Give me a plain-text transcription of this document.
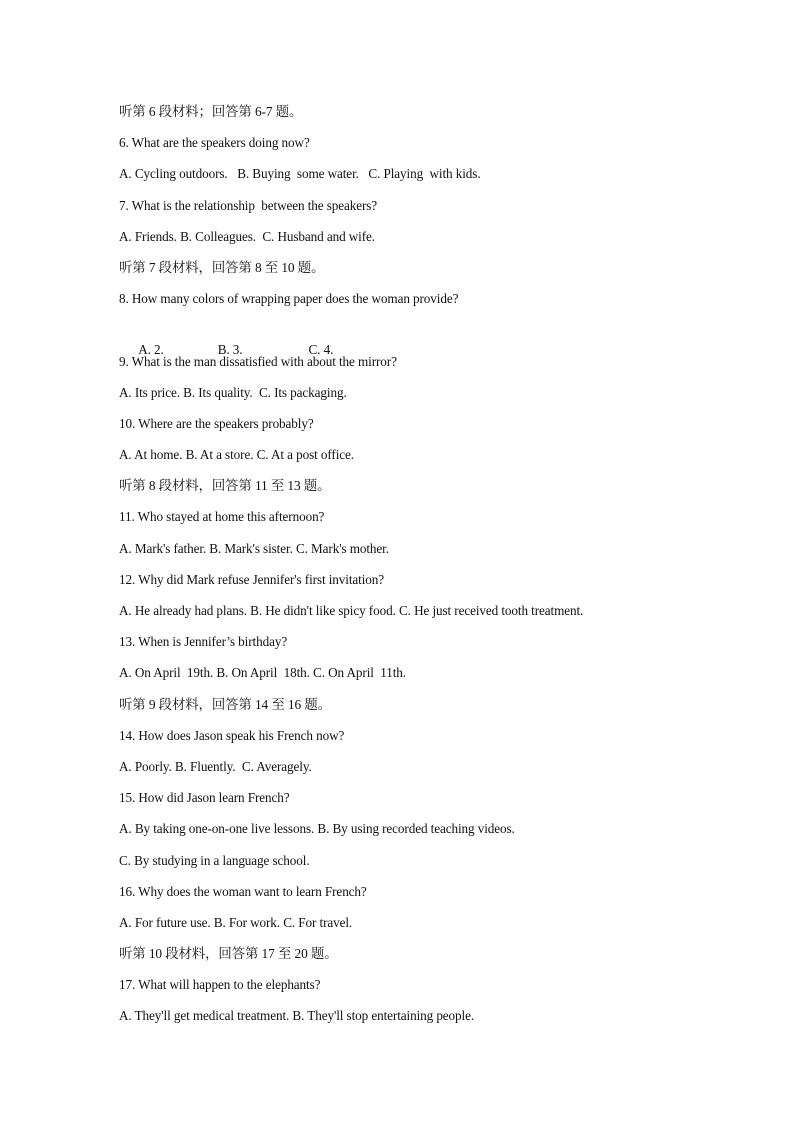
听第 6 段材料；回答第 6-7 题。
6. What are the speakers doing now?
A. Cycling outdoors.   B. Buying  some water.   C. Playing  with kids.
7. What is the relationship  between the speakers?
A. Friends. B. Colleagues.  C. Husband and wife.
听第 7 段材料，回答第 8 至 10 题。
8. How many colors of wrapping paper does the woman provide?

A. 2.	B. 3.	C. 4.

9. What is the man dissatisfied with about the mirror?
A. Its price. B. Its quality.  C. Its packaging.
10. Where are the speakers probably?
A. At home. B. At a store. C. At a post office.
听第 8 段材料，回答第 11 至 13 题。
11. Who stayed at home this afternoon?
A. Mark's father. B. Mark's sister. C. Mark's mother.
12. Why did Mark refuse Jennifer's first invitation?
A. He already had plans. B. He didn't like spicy food. C. He just received tooth treatment.
13. When is Jennifer’s birthday?
A. On April  19th. B. On April  18th. C. On April  11th.
听第 9 段材料，回答第 14 至 16 题。
14. How does Jason speak his French now?
A. Poorly. B. Fluently.  C. Averagely.
15. How did Jason learn French?
A. By taking one-on-one live lessons. B. By using recorded teaching videos.
C. By studying in a language school.
16. Why does the woman want to learn French?
A. For future use. B. For work. C. For travel.
听第 10 段材料，回答第 17 至 20 题。
17. What will happen to the elephants?
A. They'll get medical treatment. B. They'll stop entertaining people.
